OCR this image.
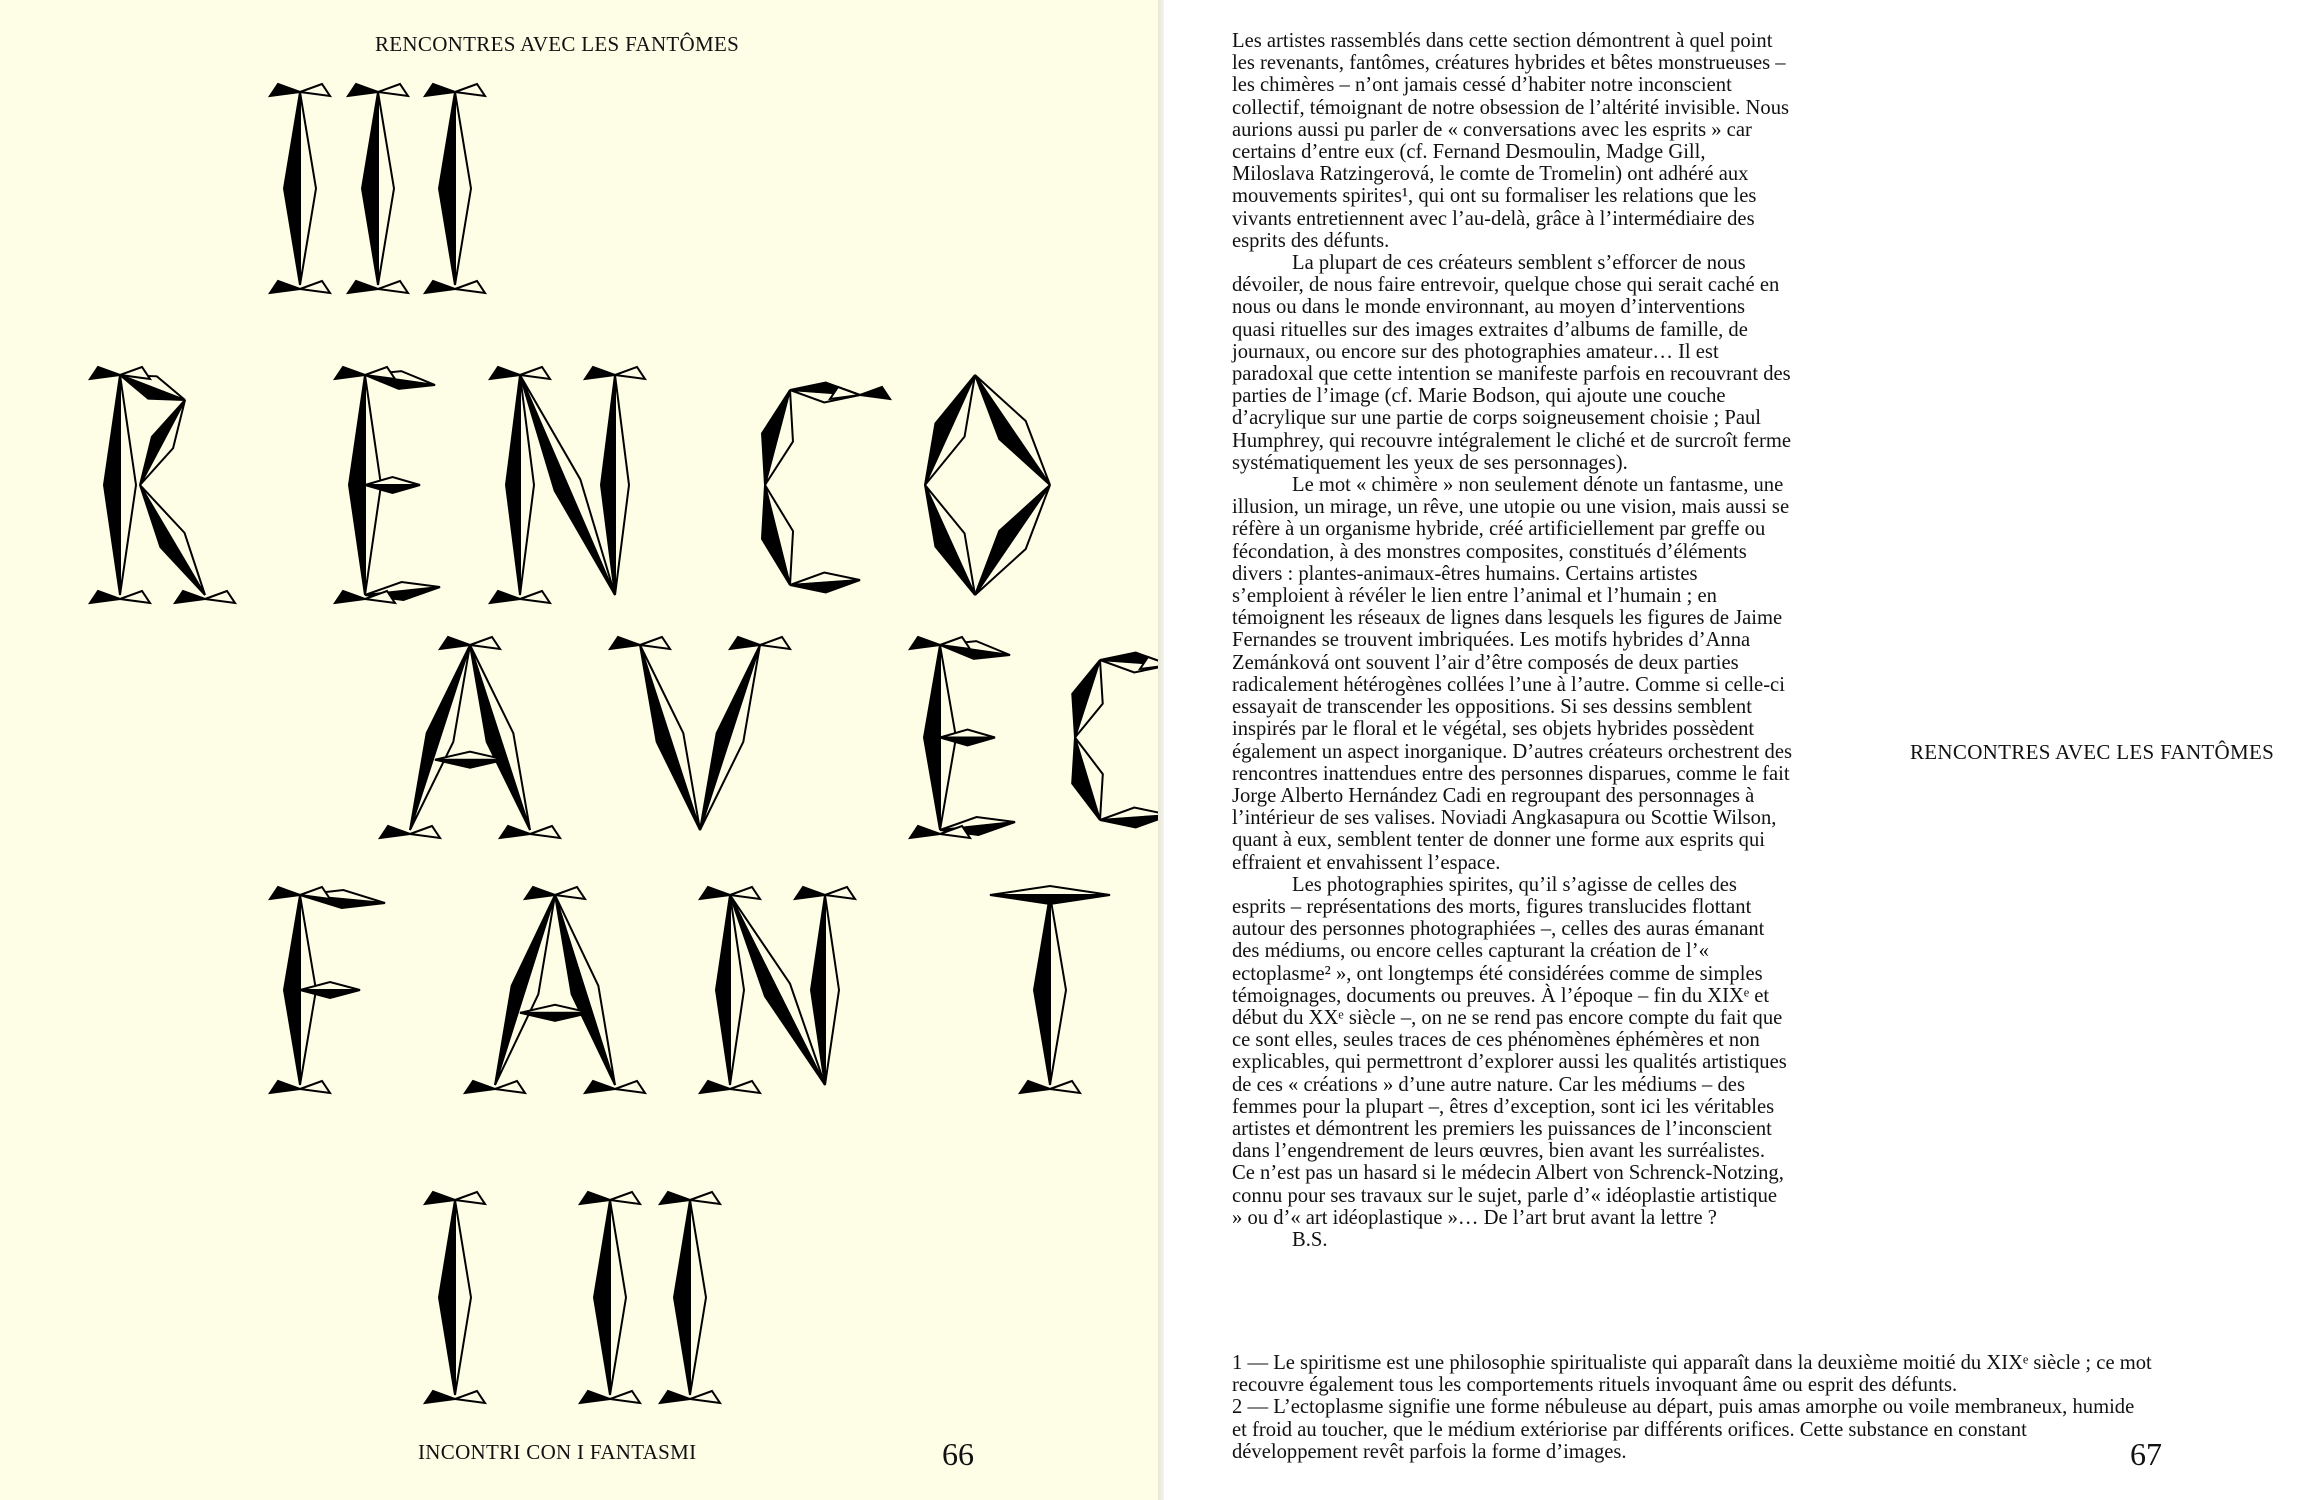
RENCONTRES AVEC LES FANTÔMES
INCONTRI CON I FANTASMI	66

Les artistes rassemblés dans cette section démontrent à quel point les revenants, fantômes, créatures hybrides et bêtes monstrueuses – les chimères – n’ont jamais cessé d’habiter notre inconscient collectif, témoignant de notre obsession de l’altérité invisible. Nous aurions aussi pu parler de « conversations avec les esprits » car certains d’entre eux (cf. Fernand Desmoulin, Madge Gill, Miloslava Ratzingerová, le comte de Tromelin) ont adhéré aux mouvements spirites¹, qui ont su formaliser les relations que les vivants entretiennent avec l’au-delà, grâce à l’intermédiaire des esprits des défunts.

La plupart de ces créateurs semblent s’efforcer de nous dévoiler, de nous faire entrevoir, quelque chose qui serait caché en nous ou dans le monde environnant, au moyen d’interventions quasi rituelles sur des images extraites d’albums de famille, de journaux, ou encore sur des photographies amateur… Il est paradoxal que cette intention se manifeste parfois en recouvrant des parties de l’image (cf. Marie Bodson, qui ajoute une couche d’acrylique sur une partie de corps soigneusement choisie ; Paul Humphrey, qui recouvre intégralement le cliché et de surcroît ferme systématiquement les yeux de ses personnages).

Le mot « chimère » non seulement dénote un fantasme, une illusion, un mirage, un rêve, une utopie ou une vision, mais aussi se réfère à un organisme hybride, créé artificiellement par greffe ou fécondation, à des monstres composites, constitués d’éléments divers : plantes-animaux-êtres humains. Certains artistes s’emploient à révéler le lien entre l’animal et l’humain ; en témoignent les réseaux de lignes dans lesquels les figures de Jaime Fernandes se trouvent imbriquées. Les motifs hybrides d’Anna Zemánková ont souvent l’air d’être composés de deux parties radicalement hétérogènes collées l’une à l’autre. Comme si celle-ci essayait de transcender les oppositions. Si ses dessins semblent inspirés par le floral et le végétal, ses objets hybrides possèdent également un aspect inorganique. D’autres créateurs orchestrent des rencontres inattendues entre des personnes disparues, comme le fait Jorge Alberto Hernández Cadi en regroupant des personnages à l’intérieur de ses valises. Noviadi Angkasapura ou Scottie Wilson, quant à eux, semblent tenter de donner une forme aux esprits qui effraient et envahissent l’espace.

Les photographies spirites, qu’il s’agisse de celles des esprits – représentations des morts, figures translucides flottant autour des personnes photographiées –, celles des auras émanant des médiums, ou encore celles capturant la création de l’« ectoplasme² », ont longtemps été considérées comme de simples témoignages, documents ou preuves. À l’époque – fin du XIXᵉ et début du XXᵉ siècle –, on ne se rend pas encore compte du fait que ce sont elles, seules traces de ces phénomènes éphémères et non explicables, qui permettront d’explorer aussi les qualités artistiques de ces « créations » d’une autre nature. Car les médiums – des femmes pour la plupart –, êtres d’exception, sont ici les véritables artistes et démontrent les premiers les puissances de l’inconscient dans l’engendrement de leurs œuvres, bien avant les surréalistes. Ce n’est pas un hasard si le médecin Albert von Schrenck-Notzing, connu pour ses travaux sur le sujet, parle d’« idéoplastie artistique » ou d’« art idéoplastique »… De l’art brut avant la lettre ?

B.S.

RENCONTRES AVEC LES FANTÔMES

1 — Le spiritisme est une philosophie spiritualiste qui apparaît dans la deuxième moitié du XIXᵉ siècle ; ce mot recouvre également tous les comportements rituels invoquant âme ou esprit des défunts.

2 — L’ectoplasme signifie une forme nébuleuse au départ, puis amas amorphe ou voile membraneux, humide et froid au toucher, que le médium extériorise par différents orifices. Cette substance en constant développement revêt parfois la forme d’images.	67
